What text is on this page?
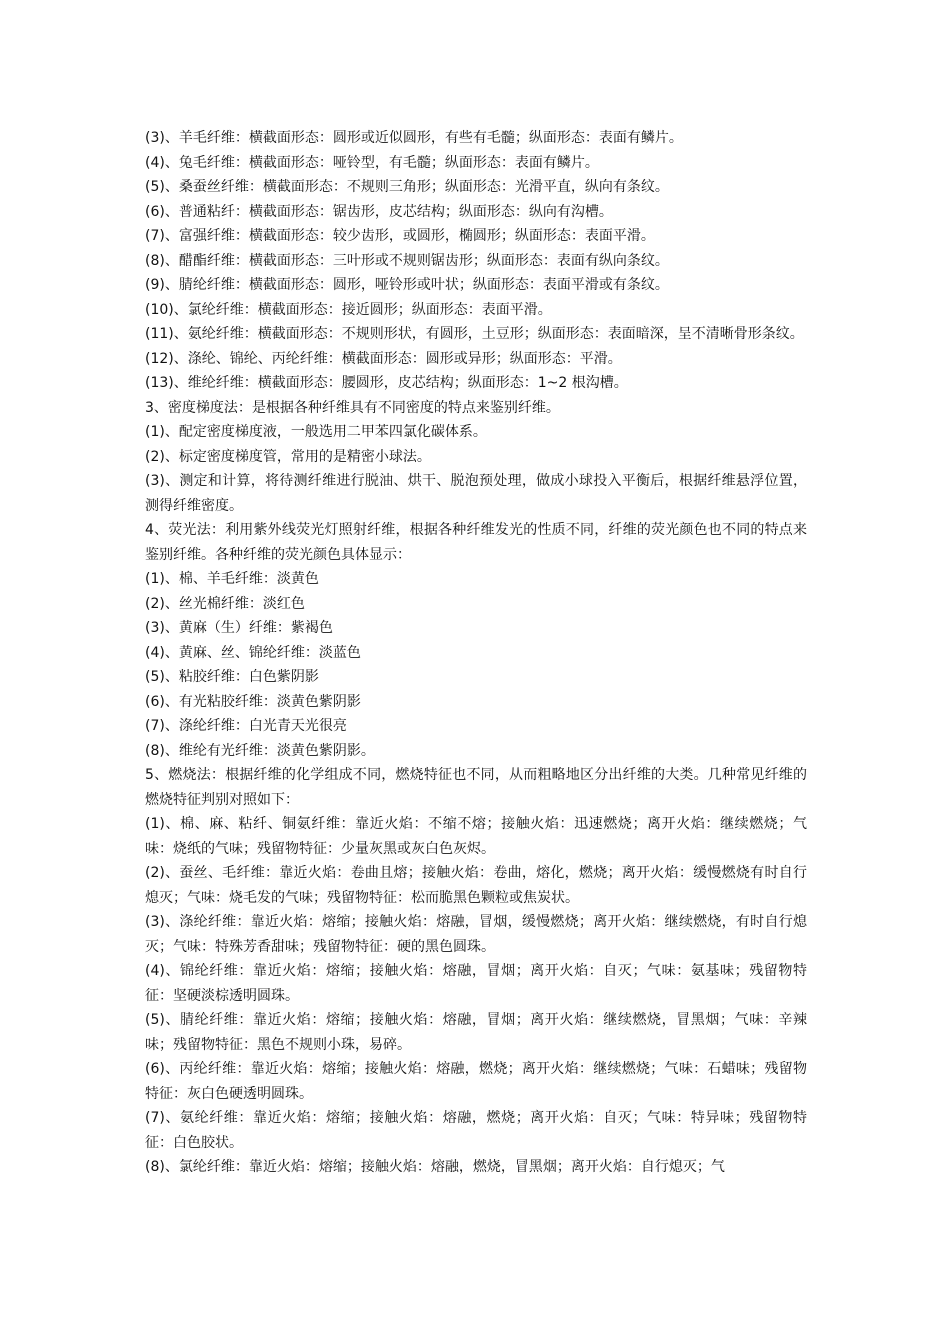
(3)、羊毛纤维：横截面形态：圆形或近似圆形，有些有毛髓；纵面形态：表面有鳞片。

(4)、兔毛纤维：横截面形态：哑铃型，有毛髓；纵面形态：表面有鳞片。

(5)、桑蚕丝纤维：横截面形态：不规则三角形；纵面形态：光滑平直，纵向有条纹。

(6)、普通粘纤：横截面形态：锯齿形，皮芯结构；纵面形态：纵向有沟槽。

(7)、富强纤维：横截面形态：较少齿形，或圆形，椭圆形；纵面形态：表面平滑。

(8)、醋酯纤维：横截面形态：三叶形或不规则锯齿形；纵面形态：表面有纵向条纹。

(9)、腈纶纤维：横截面形态：圆形，哑铃形或叶状；纵面形态：表面平滑或有条纹。

(10)、氯纶纤维：横截面形态：接近圆形；纵面形态：表面平滑。

(11)、氨纶纤维：横截面形态：不规则形状，有圆形，土豆形；纵面形态：表面暗深，呈不清晰骨形条纹。

(12)、涤纶、锦纶、丙纶纤维：横截面形态：圆形或异形；纵面形态：平滑。

(13)、维纶纤维：横截面形态：腰圆形，皮芯结构；纵面形态：1~2 根沟槽。

3、密度梯度法：是根据各种纤维具有不同密度的特点来鉴别纤维。

(1)、配定密度梯度液，一般选用二甲苯四氯化碳体系。

(2)、标定密度梯度管，常用的是精密小球法。

(3)、测定和计算，将待测纤维进行脱油、烘干、脱泡预处理，做成小球投入平衡后，根据纤维悬浮位置，测得纤维密度。

4、荧光法：利用紫外线荧光灯照射纤维，根据各种纤维发光的性质不同，纤维的荧光颜色也不同的特点来鉴别纤维。各种纤维的荧光颜色具体显示：

(1)、棉、羊毛纤维：淡黄色

(2)、丝光棉纤维：淡红色

(3)、黄麻（生）纤维：紫褐色

(4)、黄麻、丝、锦纶纤维：淡蓝色

(5)、粘胶纤维：白色紫阴影

(6)、有光粘胶纤维：淡黄色紫阴影

(7)、涤纶纤维：白光青天光很亮

(8)、维纶有光纤维：淡黄色紫阴影。

5、燃烧法：根据纤维的化学组成不同，燃烧特征也不同，从而粗略地区分出纤维的大类。几种常见纤维的燃烧特征判别对照如下：

(1)、棉、麻、粘纤、铜氨纤维：靠近火焰：不缩不熔；接触火焰：迅速燃烧；离开火焰：继续燃烧；气味：烧纸的气味；残留物特征：少量灰黑或灰白色灰烬。

(2)、蚕丝、毛纤维：靠近火焰：卷曲且熔；接触火焰：卷曲，熔化，燃烧；离开火焰：缓慢燃烧有时自行熄灭；气味：烧毛发的气味；残留物特征：松而脆黑色颗粒或焦炭状。

(3)、涤纶纤维：靠近火焰：熔缩；接触火焰：熔融，冒烟，缓慢燃烧；离开火焰：继续燃烧，有时自行熄灭；气味：特殊芳香甜味；残留物特征：硬的黑色圆珠。

(4)、锦纶纤维：靠近火焰：熔缩；接触火焰：熔融，冒烟；离开火焰：自灭；气味：氨基味；残留物特征：坚硬淡棕透明圆珠。

(5)、腈纶纤维：靠近火焰：熔缩；接触火焰：熔融，冒烟；离开火焰：继续燃烧，冒黑烟；气味：辛辣味；残留物特征：黑色不规则小珠，易碎。

(6)、丙纶纤维：靠近火焰：熔缩；接触火焰：熔融，燃烧；离开火焰：继续燃烧；气味：石蜡味；残留物特征：灰白色硬透明圆珠。

(7)、氨纶纤维：靠近火焰：熔缩；接触火焰：熔融，燃烧；离开火焰：自灭；气味：特异味；残留物特征：白色胶状。

(8)、氯纶纤维：靠近火焰：熔缩；接触火焰：熔融，燃烧，冒黑烟；离开火焰：自行熄灭；气
